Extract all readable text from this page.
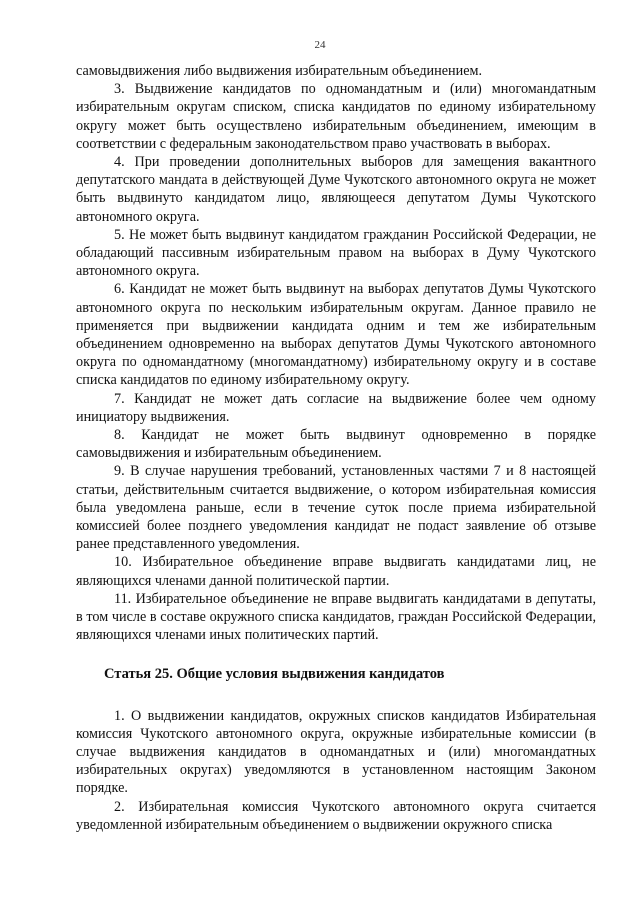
24

самовыдвижения либо выдвижения избирательным объединением.

3. Выдвижение кандидатов по одномандатным и (или) многомандатным избирательным округам списком, списка кандидатов по единому избирательному округу может быть осуществлено избирательным объединением, имеющим в соответствии с федеральным законодательством право участвовать в выборах.

4. При проведении дополнительных выборов для замещения вакантного депутатского мандата в действующей Думе Чукотского автономного округа не может быть выдвинуто кандидатом лицо, являющееся депутатом Думы Чукотского автономного округа.

5. Не может быть выдвинут кандидатом гражданин Российской Федерации, не обладающий пассивным избирательным правом на выборах в Думу Чукотского автономного округа.

6. Кандидат не может быть выдвинут на выборах депутатов Думы Чукотского автономного округа по нескольким избирательным округам. Данное правило не применяется при выдвижении кандидата одним и тем же избирательным объединением одновременно на выборах депутатов Думы Чукотского автономного округа по одномандатному (многомандатному) избирательному округу и в составе списка кандидатов по единому избирательному округу.

7. Кандидат не может дать согласие на выдвижение более чем одному инициатору выдвижения.

8. Кандидат не может быть выдвинут одновременно в порядке самовыдвижения и избирательным объединением.

9. В случае нарушения требований, установленных частями 7 и 8 настоящей статьи, действительным считается выдвижение, о котором избирательная комиссия была уведомлена раньше, если в течение суток после приема избирательной комиссией более позднего уведомления кандидат не подаст заявление об отзыве ранее представленного уведомления.

10. Избирательное объединение вправе выдвигать кандидатами лиц, не являющихся членами данной политической партии.

11. Избирательное объединение не вправе выдвигать кандидатами в депутаты, в том числе в составе окружного списка кандидатов, граждан Российской Федерации, являющихся членами иных политических партий.

Статья 25. Общие условия выдвижения кандидатов

1. О выдвижении кандидатов, окружных списков кандидатов Избирательная комиссия Чукотского автономного округа, окружные избирательные комиссии (в случае выдвижения кандидатов в одномандатных и (или) многомандатных избирательных округах) уведомляются в установленном настоящим Законом порядке.

2. Избирательная комиссия Чукотского автономного округа считается уведомленной избирательным объединением о выдвижении окружного списка
